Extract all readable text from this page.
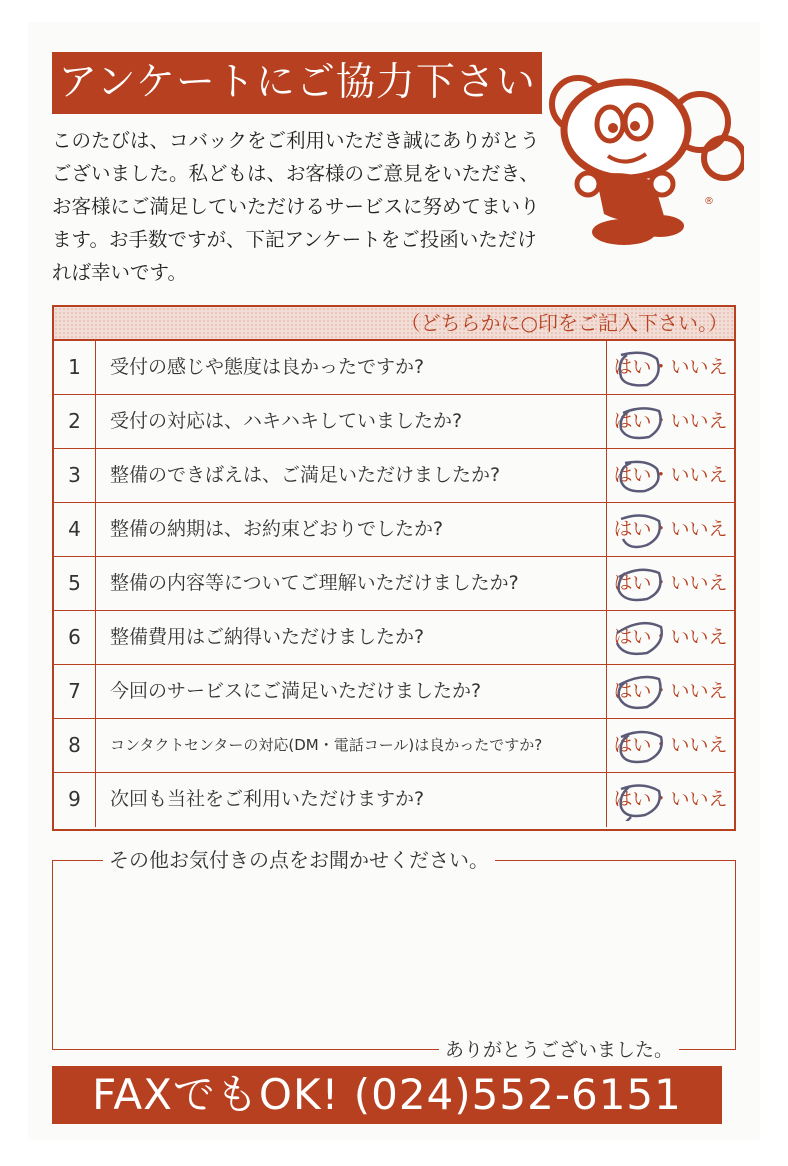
アンケートにご協力下さい

このたびは、コバックをご利用いただき誠にありがとうございました。私どもは、お客様のご意見をいただき、お客様にご満足していただけるサービスに努めてまいります。お手数ですが、下記アンケートをご投函いただければ幸いです。

®
（どちらかに○印をご記入下さい。）
1	受付の感じや態度は良かったですか?	はい・いいえ
2	受付の対応は、ハキハキしていましたか?	はい・いいえ
3	整備のできばえは、ご満足いただけましたか?	はい・いいえ
4	整備の納期は、お約束どおりでしたか?	はい・いいえ
5	整備の内容等についてご理解いただけましたか?	はい・いいえ
6	整備費用はご納得いただけましたか?	はい・いいえ
7	今回のサービスにご満足いただけましたか?	はい・いいえ
8	コンタクトセンターの対応(DM・電話コール)は良かったですか?	はい・いいえ
9	次回も当社をご利用いただけますか?	はい・いいえ
その他お気付きの点をお聞かせください。
ありがとうございました。
FAXでもOK! (024)552-6151
